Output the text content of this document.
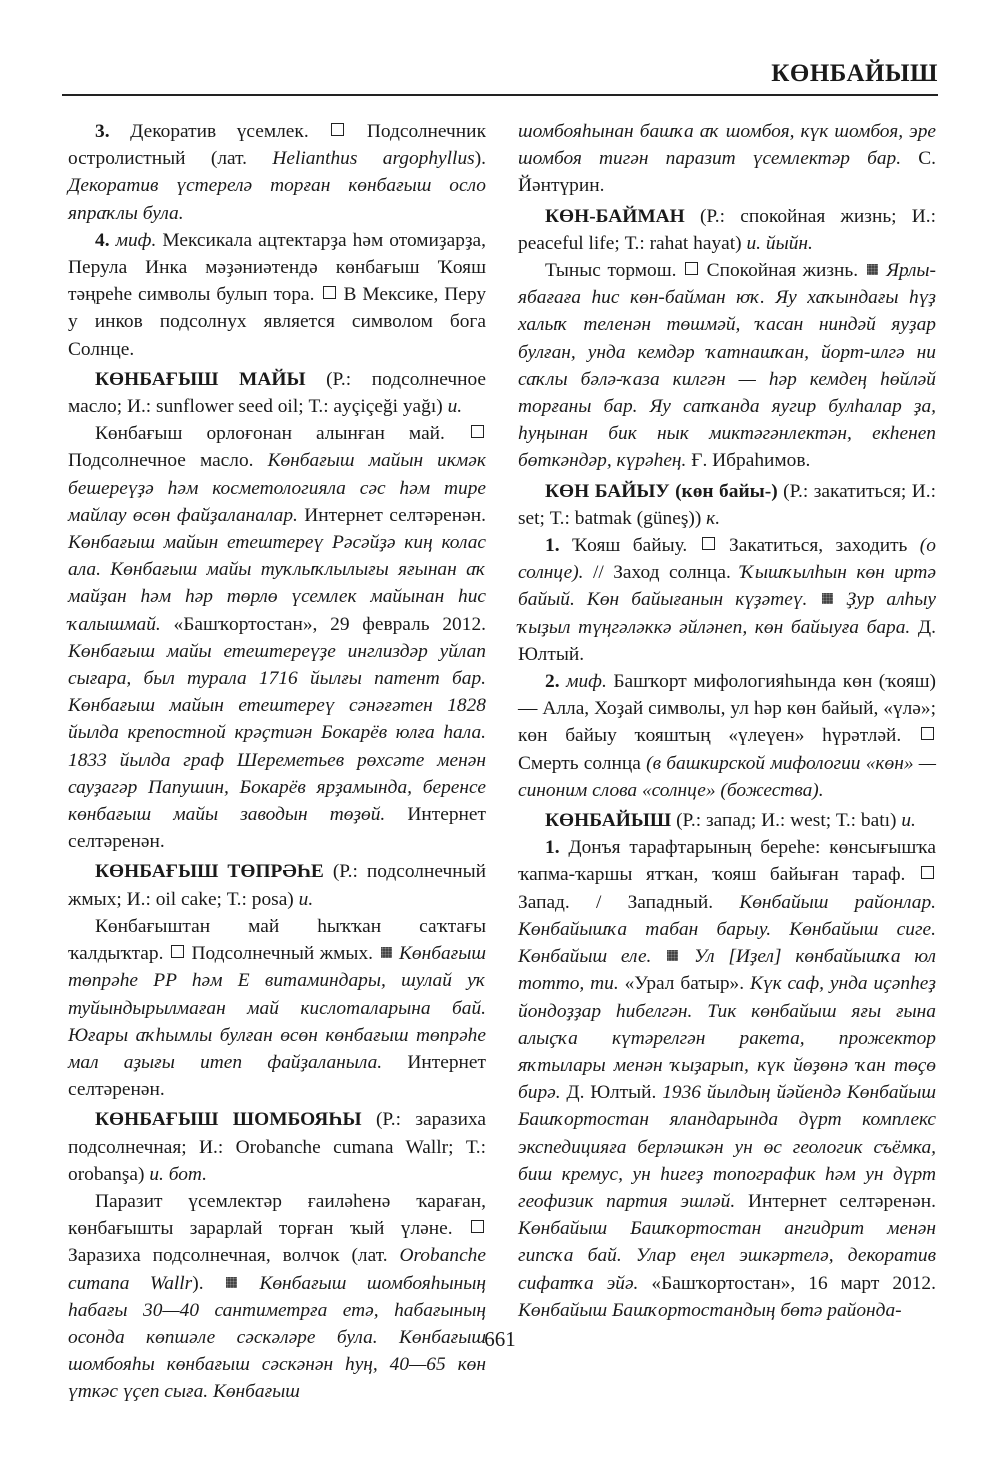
КӨНБАЙЫШ

3. Декоратив үсемлек.	Подсолнечник остролистный (лат. Helianthus argophyllus). Декоратив үстерелә торған көнбағыш осло япраҡлы була.

4. миф. Мексикала ацтектарҙа һәм отомиҙарҙа, Перула Инка мәҙәниәтендә көнбағыш Ҡояш тәңреһе символы булып тора. В Мексике, Перу у инков подсолнух является символом бога Солнце.

КӨНБАҒЫШ МАЙЫ (Р.: подсолнечное масло; И.: sunflower seed oil; Т.: ayçiçeği yağı) и.

Көнбағыш орлоғонан алынған май.  Подсолнечное масло. Көнбағыш майын икмәк бешереүҙә һәм косметологияла сәс һәм тире майлау өсөн файҙаланалар. Интернет селтәренән. Көнбағыш майын етештереү Рәсәйҙә киң колас ала. Көнбағыш майы туҡлыҡлылығы яғынан аҡ майҙан һәм һәр төрлө үсемлек майынан һис ҡалышмай. «Башҡортостан», 29 февраль 2012. Көнбағыш майы етештереүҙе инглиздәр уйлап сығара, был турала 1716 йылғы патент бар. Көнбағыш майын етештереү сәнәғәтен 1828 йылда крепостной крәҫтиән Бокарёв юлға һала. 1833 йылда граф Шереметьев рөхсәте менән сауҙагәр Папушин, Бокарёв ярҙамында, беренсе көнбағыш майы заводын төҙөй. Интернет селтәренән.

КӨНБАҒЫШ ТӨПРӘҺЕ (Р.: подсолнечный жмых; И.: oil cake; Т.: posa) и.

Көнбағыштан май һыҡҡан саҡтағы ҡалдыҡтар. Подсолнечный жмых. Көнбағыш төпрәһе PP һәм E витаминдары, шулай уҡ туйындырылмаған май кислоталарына бай. Юғары аҡһымлы булған өсөн көнбағыш төпрәһе мал аҙығы итеп файҙаланыла. Интернет селтәренән.

КӨНБАҒЫШ ШОМБОЯҺЫ (Р.: заразиха подсолнечная; И.: Orobanche cumana Wallr; Т.: orobanşa) и. бот.

Паразит үсемлектәр ғаиләһенә ҡараған, көнбағышты зарарлай торған ҡый үләне.  Заразиха подсолнечная, волчок (лат. Orobanche cumana Wallr).	Көнбағыш шомбояһының һабағы 30—40 сантиметрға етә, һабағының осонда көпшәле сәскәләре була. Көнбағыш шомбояһы көнбағыш сәскәнән һуң, 40—65 көн үткәс үҫеп сыға. Көнбағыш

шомбояһынан башҡа аҡ шомбоя, күк шомбоя, эре шомбоя тигән паразит үсемлектәр бар. С. Йәнтүрин.

КӨН-БАЙМАН (Р.: спокойная жизнь; И.: peaceful life; Т.: rahat hayat) и. йыйн.

Тыныс тормош. Спокойная жизнь. Ярлы-ябағаға һис көн-байман юҡ. Яу хаҡындағы һүҙ халыҡ теленән төшмәй, ҡасан ниндәй яуҙар булған, унда кемдәр ҡатнашҡан, йорт-илгә ни саҡлы бәлә-ҡаза килгән — һәр кемдең һөйләй торғаны бар. Яу сапҡанда яугир булһалар ҙа, һуңынан бик нык миктәгәнлектән, екһенеп бөткәндәр, күрәһең. Ғ. Ибраһимов.

КӨН БАЙЫУ (көн байы-) (Р.: закатиться; И.: set; Т.: batmak (güneş)) к.

1. Ҡояш байыу. Закатиться, заходить (о солнце). // Заход солнца. Ҡышҡылһын көн иртә байый. Көн байығанын күҙәтеү. Ҙур алһыу ҡыҙыл түңгәләккә әйләнеп, көн байыуға бара. Д. Юлтый.

2. миф. Башҡорт мифологияһында көн (ҡояш) — Алла, Хоҙай символы, ул һәр көн байый, «үлә»; көн байыу ҡояштың «үлеүен» һүрәтләй.  Смерть солнца (в башкирской мифологии «көн» — синоним слова «солнце» (божества).

КӨНБАЙЫШ (Р.: запад; И.: west; Т.: batı) и.

1. Донъя тарафтарының береһе: көнсығышҡа ҡапма-ҡаршы ятҡан, ҡояш байыған тараф.  Запад. / Западный. Көнбайыш районлар. Көнбайышҡа табан барыу. Көнбайыш сиге. Көнбайыш еле. Ул [Иҙел] көнбайышҡа юл тотто, ти. «Урал батыр». Күк саф, унда иҫәпһеҙ йондоҙҙар һибелгән. Тик көнбайыш яғы ғына алыҫҡа күтәрелгән ракета, прожектор яҡтылары менән ҡыҙарып, күк йөҙөнә ҡан төҫө бирә. Д. Юлтый. 1936 йылдың йәйендә Көнбайыш Башҡортостан яландарында дүрт комплекс экспедицияға берләшкән ун өс геологик съёмка, биш кремус, ун һигеҙ топографик һәм ун дүрт геофизик партия эшләй. Интернет селтәренән. Көнбайыш Башҡортостан ангидрит менән гипсҡа бай. Улар еңел эшкәртелә, декоратив сифатҡа эйә. «Башҡортостан», 16 март 2012. Көнбайыш Башҡортостандың бөтә районда-

661
